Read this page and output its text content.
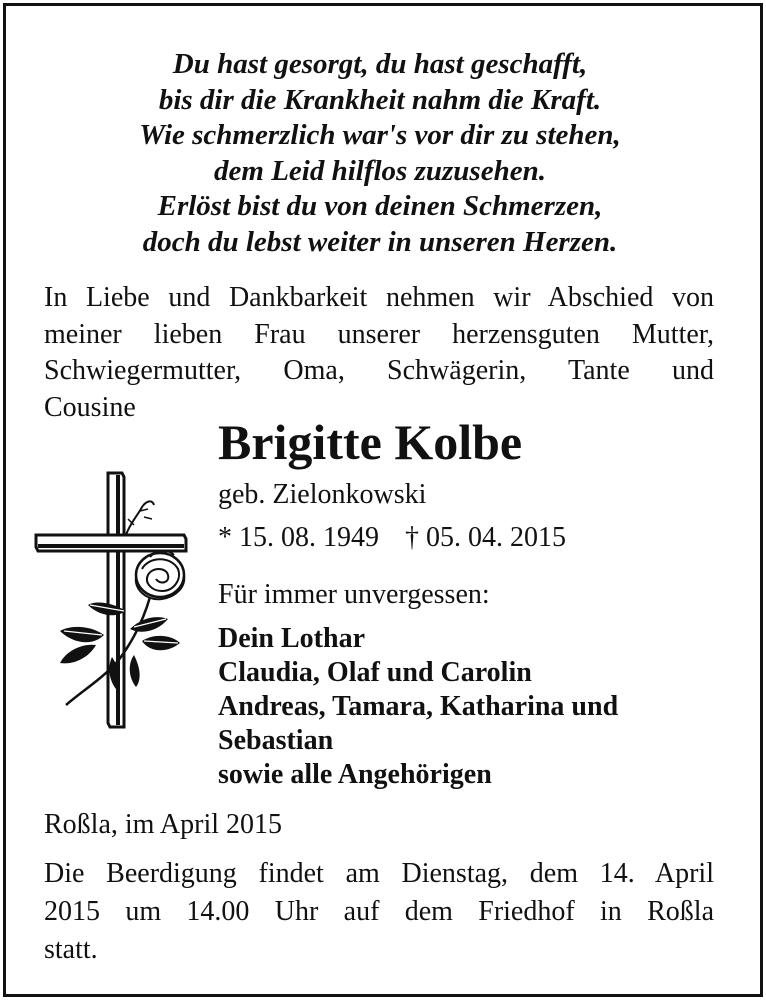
Du hast gesorgt, du hast geschafft,
bis dir die Krankheit nahm die Kraft.
Wie schmerzlich war's vor dir zu stehen,
dem Leid hilflos zuzusehen.
Erlöst bist du von deinen Schmerzen,
doch du lebst weiter in unseren Herzen.
In Liebe und Dankbarkeit nehmen wir Abschied von
meiner lieben Frau unserer herzensguten Mutter,
Schwiegermutter, Oma, Schwägerin, Tante und
Cousine
Brigitte Kolbe
geb. Zielonkowski
* 15. 08. 1949 † 05. 04. 2015
Für immer unvergessen:
Dein Lothar
Claudia, Olaf und Carolin
Andreas, Tamara, Katharina und
Sebastian
sowie alle Angehörigen
Roßla, im April 2015
Die Beerdigung findet am Dienstag, dem 14. April
2015 um 14.00 Uhr auf dem Friedhof in Roßla
statt.
